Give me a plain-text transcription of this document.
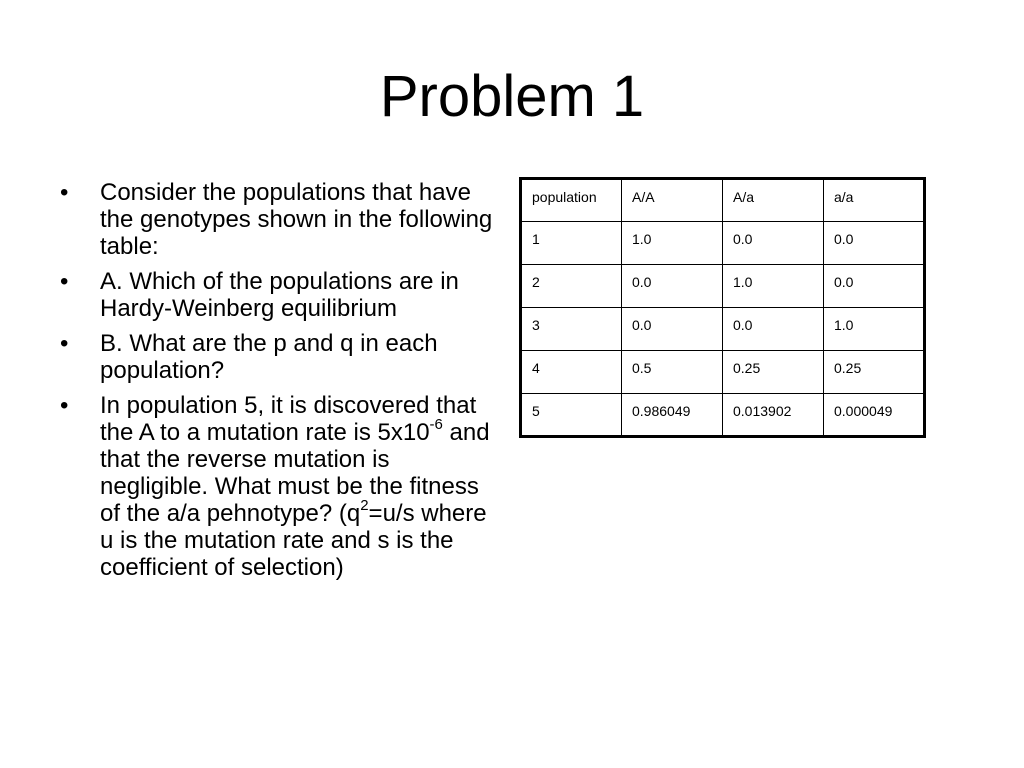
Problem 1
• Consider the populations that have the genotypes shown in the following table:
• A. Which of the populations are in Hardy-Weinberg equilibrium
• B. What are the p and q in each population?
• In population 5, it is discovered that the A to a mutation rate is $5x10^{-6}$ and that the reverse mutation is negligible. What must be the fitness of the a/a pehnotype? ($q^2=u/s$ where u is the mutation rate and s is the coefficient of selection)
population	A/A	A/a	a/a
1	1.0	0.0	0.0
2	0.0	1.0	0.0
3	0.0	0.0	1.0
4	0.5	0.25	0.25
5	0.986049	0.013902	0.000049
